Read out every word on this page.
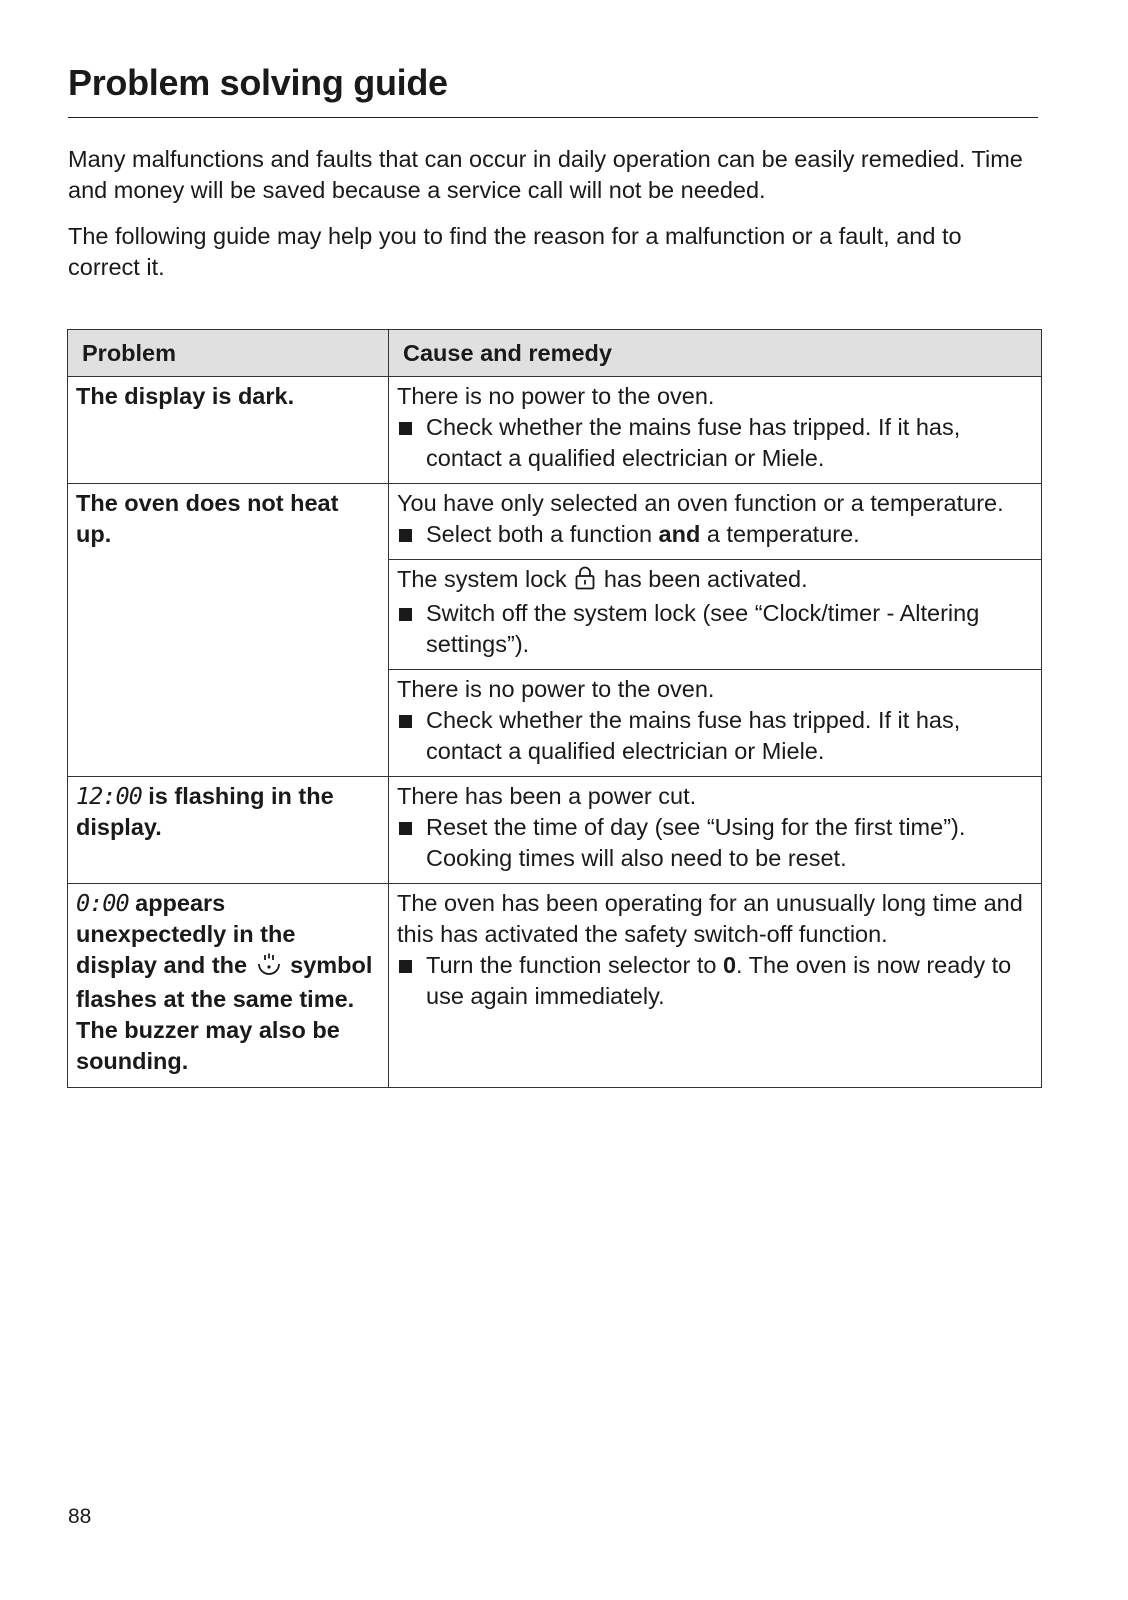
Problem solving guide

Many malfunctions and faults that can occur in daily operation can be easily remedied. Time and money will be saved because a service call will not be needed.

The following guide may help you to find the reason for a malfunction or a fault, and to correct it.

Problem	Cause and remedy
The display is dark.	There is no power to the oven.
Check whether the mains fuse has tripped. If it has, contact a qualified electrician or Miele.

The oven does not heat up.	You have only selected an oven function or a temperature.
Select both a function and a temperature.

	The system lock  has been activated.
Switch off the system lock (see “Clock/timer - Altering settings”).

	There is no power to the oven.
Check whether the mains fuse has tripped. If it has, contact a qualified electrician or Miele.

12:00 is flashing in the display.	There has been a power cut.
Reset the time of day (see “Using for the first time”).
Cooking times will also need to be reset.

0:00 appears unexpectedly in the display and the  symbol flashes at the same time. The buzzer may also be sounding.	The oven has been operating for an unusually long time and this has activated the safety switch-off function.
Turn the function selector to 0. The oven is now ready to use again immediately.
88
